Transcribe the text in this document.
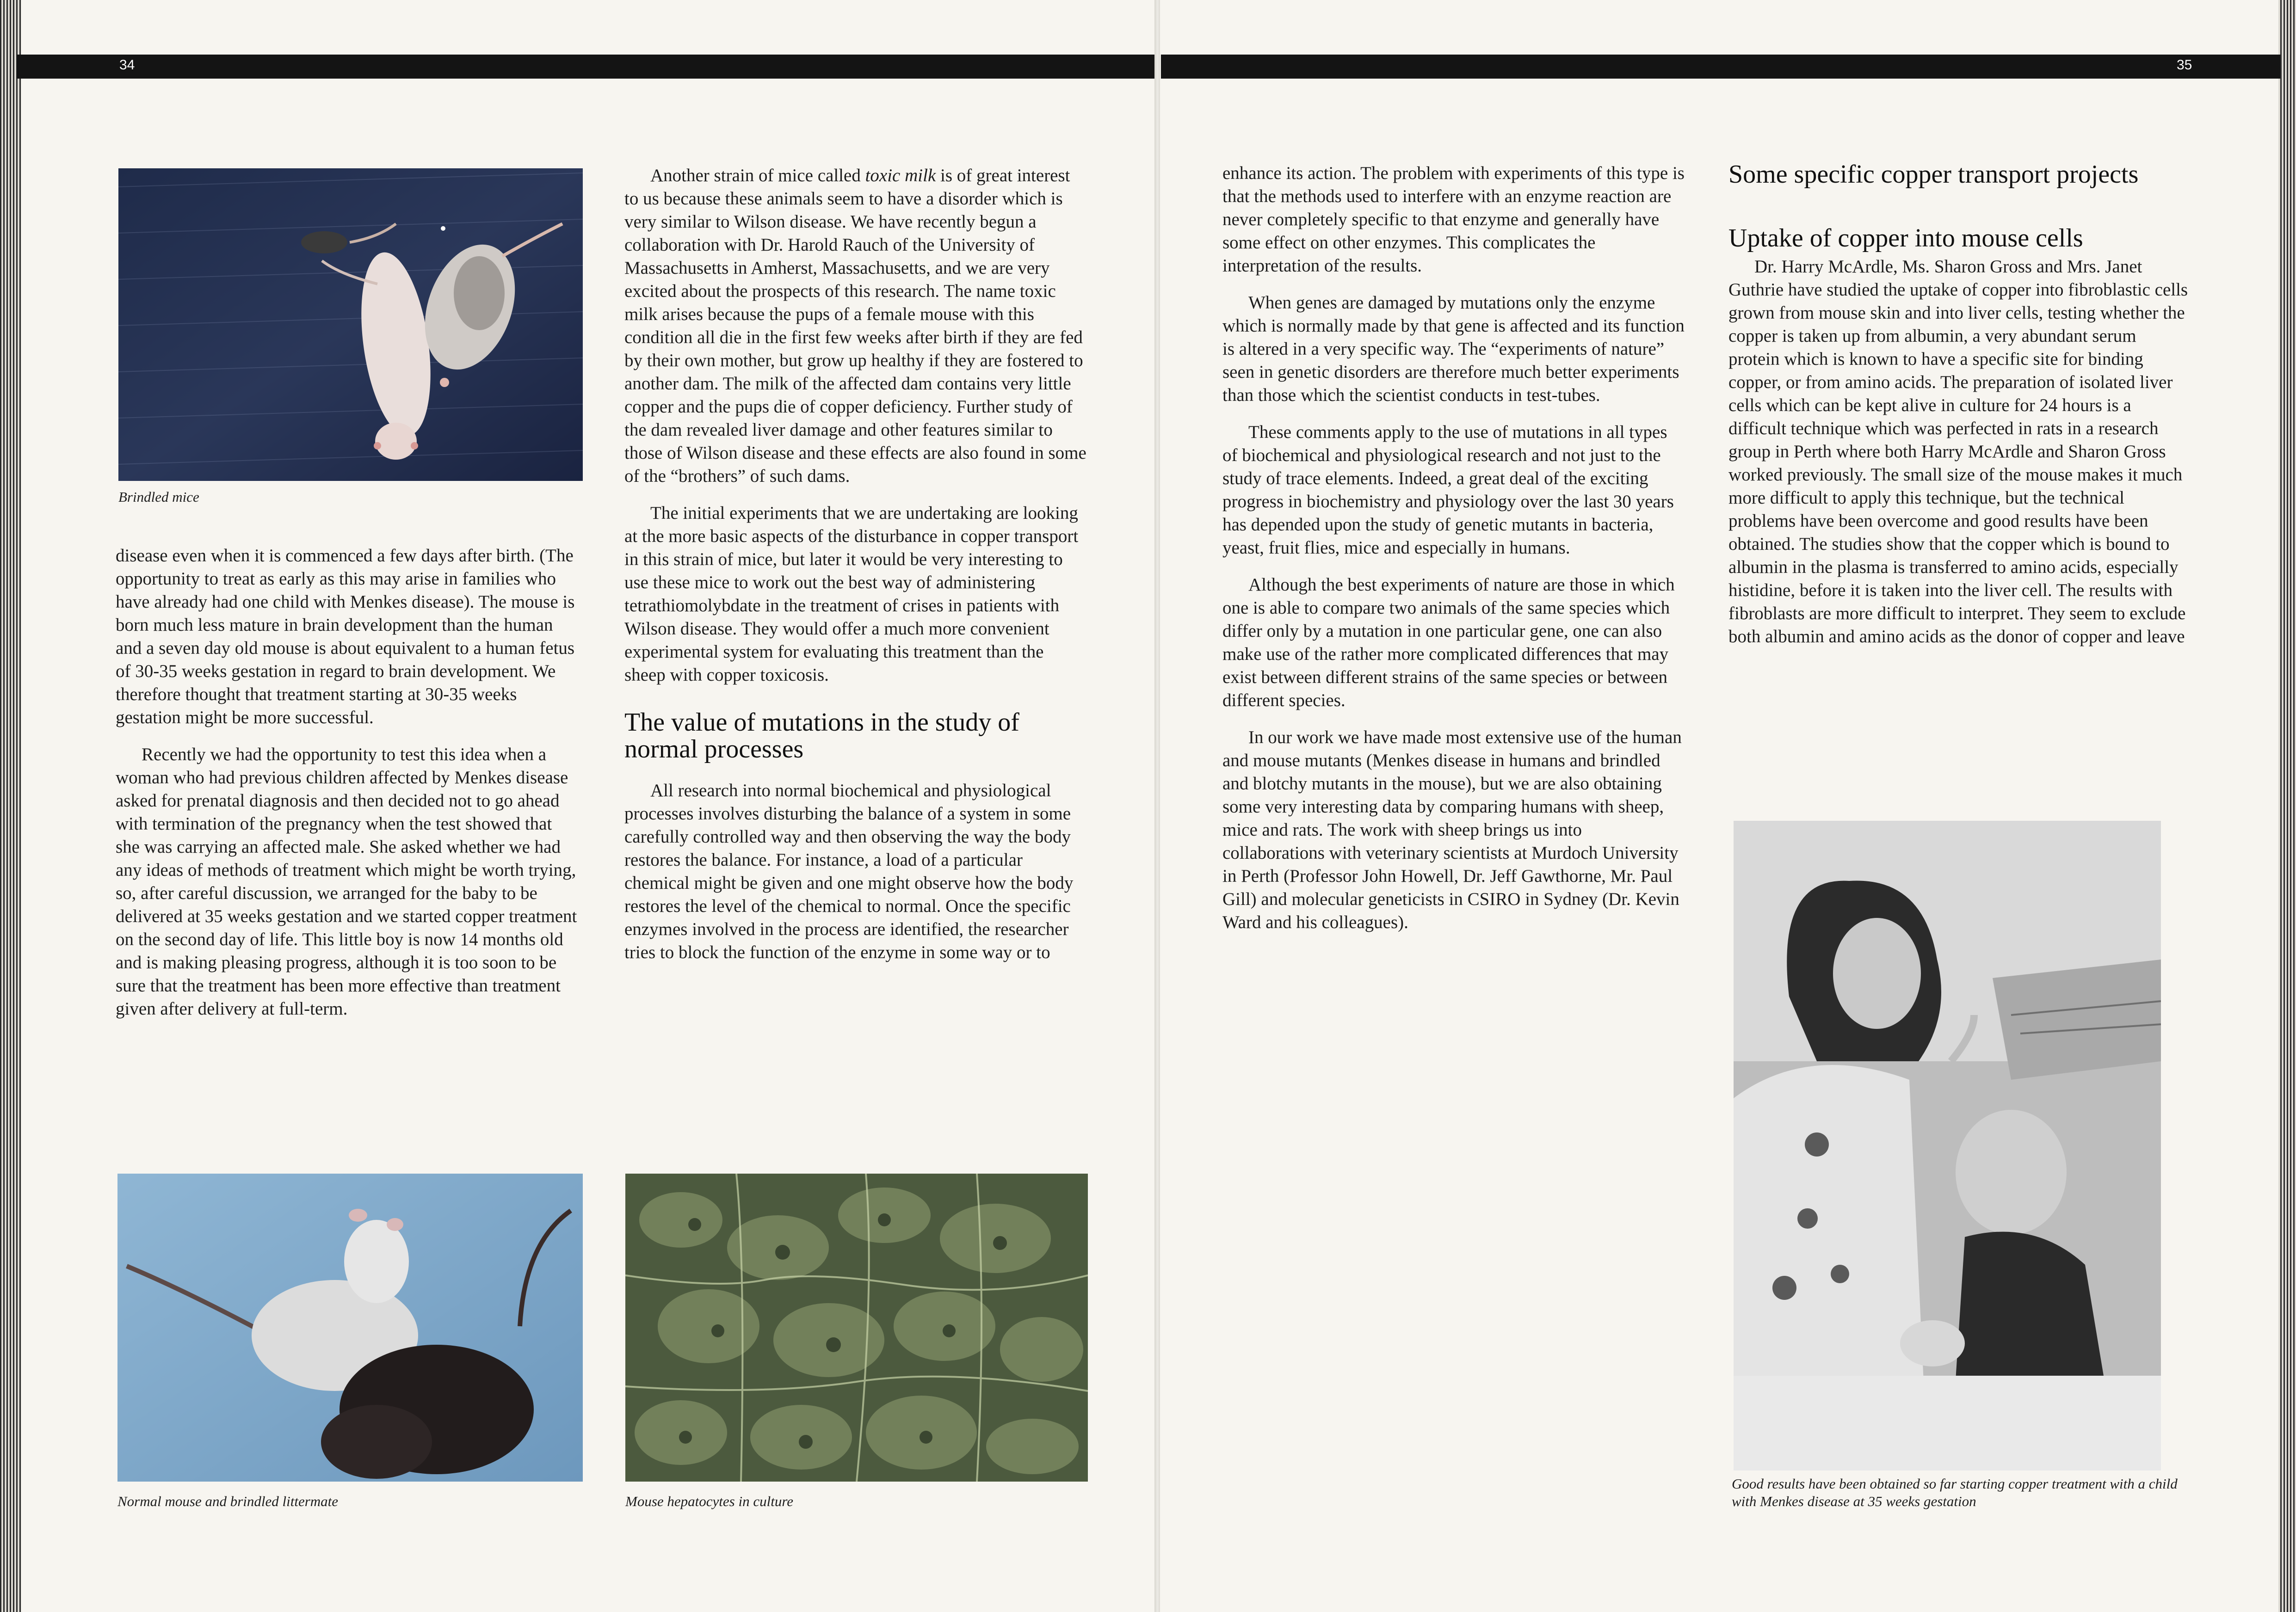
34
Brindled mice

disease even when it is commenced a few days after birth. (The opportunity to treat as early as this may arise in families who have already had one child with Menkes disease). The mouse is born much less mature in brain development than the human and a seven day old mouse is about equivalent to a human fetus of 30-35 weeks gestation in regard to brain development. We therefore thought that treatment starting at 30-35 weeks gestation might be more successful.

Recently we had the opportunity to test this idea when a woman who had previous children affected by Menkes disease asked for prenatal diagnosis and then decided not to go ahead with termination of the pregnancy when the test showed that she was carrying an affected male. She asked whether we had any ideas of methods of treatment which might be worth trying, so, after careful discussion, we arranged for the baby to be delivered at 35 weeks gestation and we started copper treatment on the second day of life. This little boy is now 14 months old and is making pleasing progress, although it is too soon to be sure that the treatment has been more effective than treatment given after delivery at full-term.

Normal mouse and brindled littermate

Another strain of mice called toxic milk is of great interest to us because these animals seem to have a disorder which is very similar to Wilson disease. We have recently begun a collaboration with Dr. Harold Rauch of the University of Massachusetts in Amherst, Massachusetts, and we are very excited about the prospects of this research. The name toxic milk arises because the pups of a female mouse with this condition all die in the first few weeks after birth if they are fed by their own mother, but grow up healthy if they are fostered to another dam. The milk of the affected dam contains very little copper and the pups die of copper deficiency. Further study of the dam revealed liver damage and other features similar to those of Wilson disease and these effects are also found in some of the “brothers” of such dams.

The initial experiments that we are undertaking are looking at the more basic aspects of the disturbance in copper transport in this strain of mice, but later it would be very interesting to use these mice to work out the best way of administering tetrathiomolybdate in the treatment of crises in patients with Wilson disease. They would offer a much more convenient experimental system for evaluating this treatment than the sheep with copper toxicosis.

The value of mutations in the study of normal processes

All research into normal biochemical and physiological processes involves disturbing the balance of a system in some carefully controlled way and then observing the way the body restores the balance. For instance, a load of a particular chemical might be given and one might observe how the body restores the level of the chemical to normal. Once the specific enzymes involved in the process are identified, the researcher tries to block the function of the enzyme in some way or to

Mouse hepatocytes in culture
35

enhance its action. The problem with experiments of this type is that the methods used to interfere with an enzyme reaction are never completely specific to that enzyme and generally have some effect on other enzymes. This complicates the interpretation of the results.

When genes are damaged by mutations only the enzyme which is normally made by that gene is affected and its function is altered in a very specific way. The “experiments of nature” seen in genetic disorders are therefore much better experiments than those which the scientist conducts in test-tubes.

These comments apply to the use of mutations in all types of biochemical and physiological research and not just to the study of trace elements. Indeed, a great deal of the exciting progress in biochemistry and physiology over the last 30 years has depended upon the study of genetic mutants in bacteria, yeast, fruit flies, mice and especially in humans.

Although the best experiments of nature are those in which one is able to compare two animals of the same species which differ only by a mutation in one particular gene, one can also make use of the rather more complicated differences that may exist between different strains of the same species or between different species.

In our work we have made most extensive use of the human and mouse mutants (Menkes disease in humans and brindled and blotchy mutants in the mouse), but we are also obtaining some very interesting data by comparing humans with sheep, mice and rats. The work with sheep brings us into collaborations with veterinary scientists at Murdoch University in Perth (Professor John Howell, Dr. Jeff Gawthorne, Mr. Paul Gill) and molecular geneticists in CSIRO in Sydney (Dr. Kevin Ward and his colleagues).

Some specific copper transport projects
Uptake of copper into mouse cells

Dr. Harry McArdle, Ms. Sharon Gross and Mrs. Janet Guthrie have studied the uptake of copper into fibroblastic cells grown from mouse skin and into liver cells, testing whether the copper is taken up from albumin, a very abundant serum protein which is known to have a specific site for binding copper, or from amino acids. The preparation of isolated liver cells which can be kept alive in culture for 24 hours is a difficult technique which was perfected in rats in a research group in Perth where both Harry McArdle and Sharon Gross worked previously. The small size of the mouse makes it much more difficult to apply this technique, but the technical problems have been overcome and good results have been obtained. The studies show that the copper which is bound to albumin in the plasma is transferred to amino acids, especially histidine, before it is taken into the liver cell. The results with fibroblasts are more difficult to interpret. They seem to exclude both albumin and amino acids as the donor of copper and leave

Good results have been obtained so far starting copper treatment with a child with Menkes disease at 35 weeks gestation
